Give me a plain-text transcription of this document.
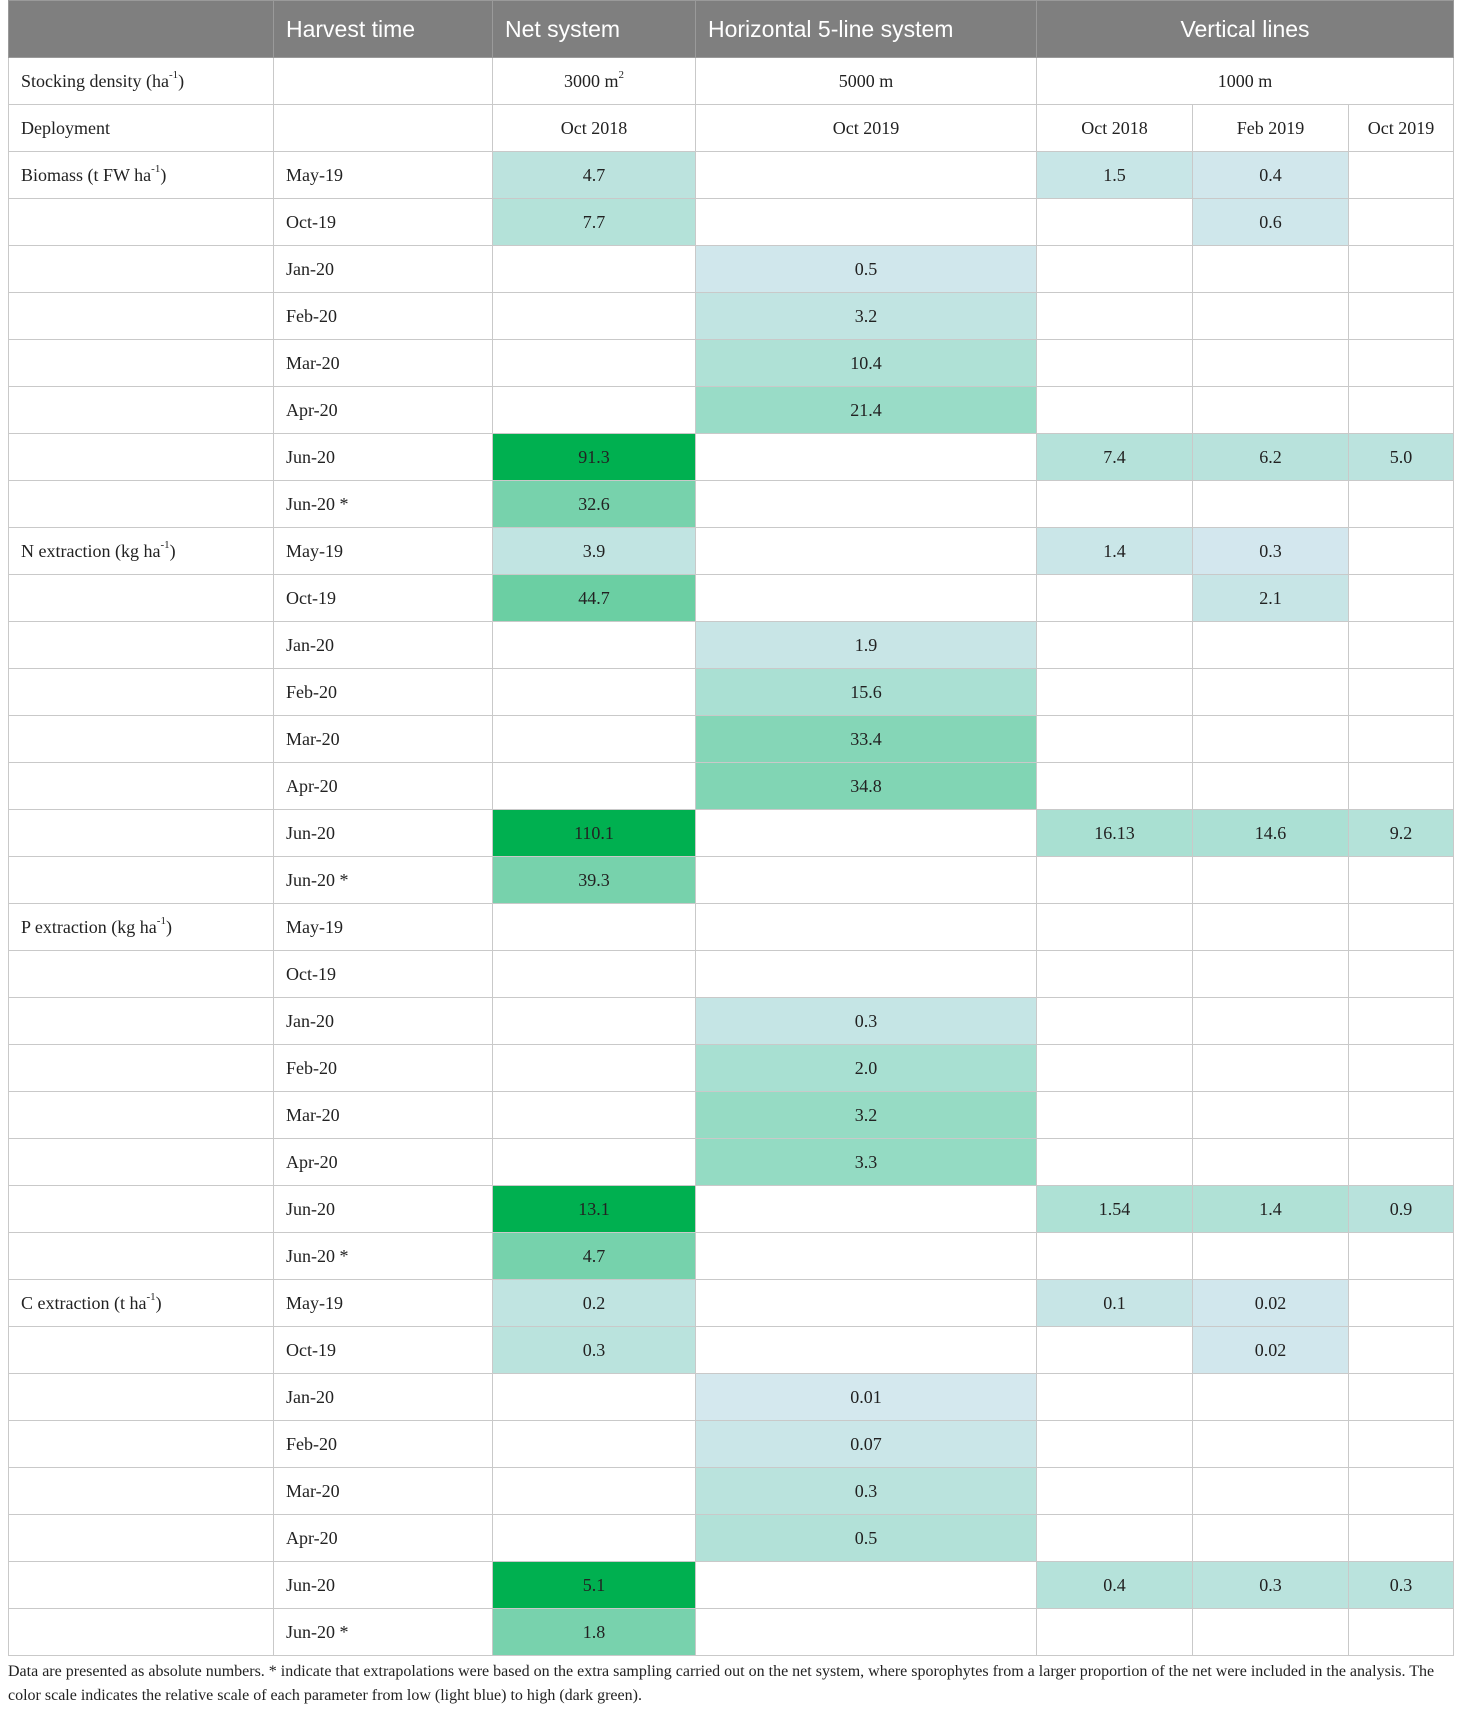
	Harvest time	Net system	Horizontal 5-line system	Vertical lines		
Stocking density $(ha^{-1})$		3000 $m^2$	5000 m	1000 m		
Deployment		Oct 2018	Oct 2019	Oct 2018	Feb 2019	Oct 2019
Biomass (t FW $ha^{-1}$)	May-19	4.7		1.5	0.4	
	Oct-19	7.7			0.6	
	Jan-20		0.5			
	Feb-20		3.2			
	Mar-20		10.4			
	Apr-20		21.4			
	Jun-20	91.3		7.4	6.2	5.0
	Jun-20 *	32.6				
N extraction (kg $ha^{-1}$)	May-19	3.9		1.4	0.3	
	Oct-19	44.7			2.1	
	Jan-20		1.9			
	Feb-20		15.6			
	Mar-20		33.4			
	Apr-20		34.8			
	Jun-20	110.1		16.13	14.6	9.2
	Jun-20 *	39.3				
P extraction (kg $ha^{-1}$)	May-19					
	Oct-19					
	Jan-20		0.3			
	Feb-20		2.0			
	Mar-20		3.2			
	Apr-20		3.3			
	Jun-20	13.1		1.54	1.4	0.9
	Jun-20 *	4.7				
C extraction (t $ha^{-1}$)	May-19	0.2		0.1	0.02	
	Oct-19	0.3			0.02	
	Jan-20		0.01			
	Feb-20		0.07			
	Mar-20		0.3			
	Apr-20		0.5			
	Jun-20	5.1		0.4	0.3	0.3
	Jun-20 *	1.8				
Data are presented as absolute numbers. * indicate that extrapolations were based on the extra sampling carried out on the net system, where sporophytes from a larger proportion of the net were included in the analysis. The color scale indicates the relative scale of each parameter from low (light blue) to high (dark green).
